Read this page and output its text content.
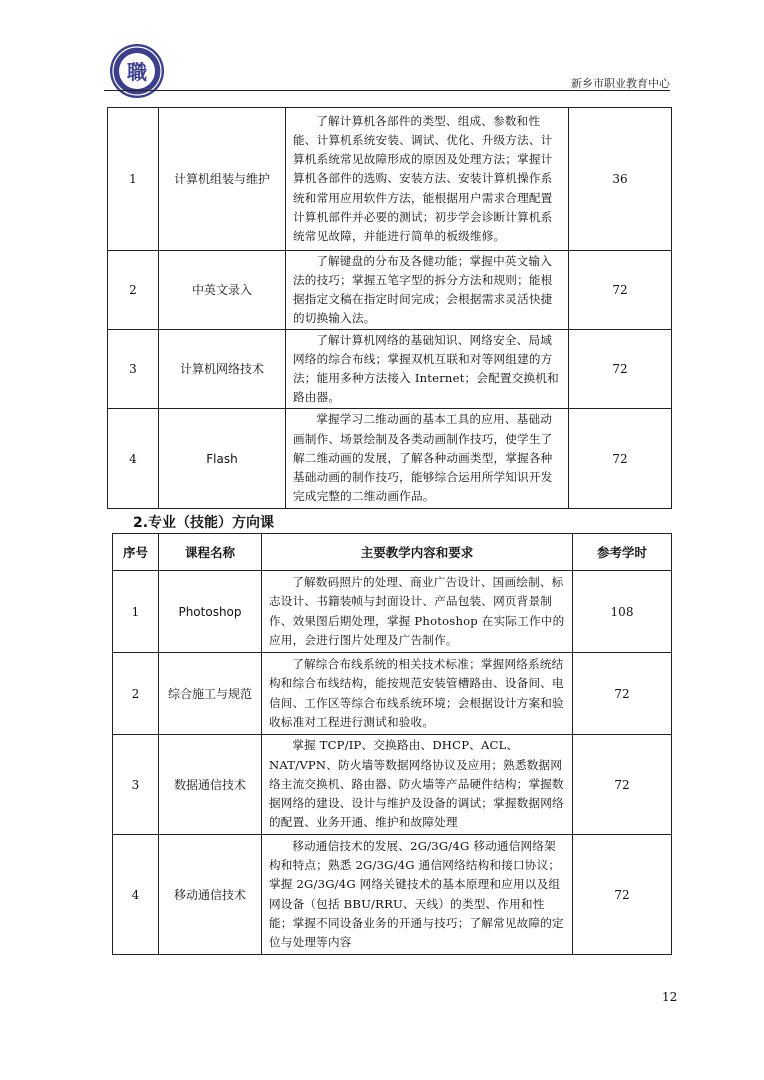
職	新乡市职业教育中心
1	计算机组装与维护	了解计算机各部件的类型、组成、参数和性能、计算机系统安装、调试、优化、升级方法、计算机系统常见故障形成的原因及处理方法；掌握计算机各部件的选购、安装方法、安装计算机操作系统和常用应用软件方法，能根据用户需求合理配置计算机部件并必要的测试；初步学会诊断计算机系统常见故障，并能进行简单的板级维修。	36
2	中英文录入	了解键盘的分布及各健功能；掌握中英文输入法的技巧；掌握五笔字型的拆分方法和规则；能根据指定文稿在指定时间完成；会根据需求灵活快捷的切换输入法。	72
3	计算机网络技术	了解计算机网络的基础知识、网络安全、局域网络的综合布线；掌握双机互联和对等网组建的方法；能用多种方法接入 Internet；会配置交换机和路由器。	72
4	Flash	掌握学习二维动画的基本工具的应用、基础动画制作、场景绘制及各类动画制作技巧，使学生了解二维动画的发展，了解各种动画类型，掌握各种基础动画的制作技巧，能够综合运用所学知识开发完成完整的二维动画作品。	72
2.专业（技能）方向课
序号	课程名称	主要教学内容和要求	参考学时
1	Photoshop	了解数码照片的处理、商业广告设计、国画绘制、标志设计、书籍装帧与封面设计、产品包装、网页背景制作、效果图后期处理，掌握 Photoshop 在实际工作中的应用，会进行图片处理及广告制作。	108
2	综合施工与规范	了解综合布线系统的相关技术标准；掌握网络系统结构和综合布线结构，能按规范安装管槽路由、设备间、电信间、工作区等综合布线系统环境；会根据设计方案和验收标准对工程进行测试和验收。	72
3	数据通信技术	掌握 TCP/IP、交换路由、DHCP、ACL、NAT/VPN、防火墙等数据网络协议及应用；熟悉数据网络主流交换机、路由器、防火墙等产品硬件结构；掌握数据网络的建设、设计与维护及设备的调试；掌握数据网络的配置、业务开通、维护和故障处理	72
4	移动通信技术	移动通信技术的发展、2G/3G/4G 移动通信网络架构和特点；熟悉 2G/3G/4G 通信网络结构和接口协议；掌握 2G/3G/4G 网络关键技术的基本原理和应用以及组网设备（包括 BBU/RRU、天线）的类型、作用和性能；掌握不同设备业务的开通与技巧；了解常见故障的定位与处理等内容	72
12
